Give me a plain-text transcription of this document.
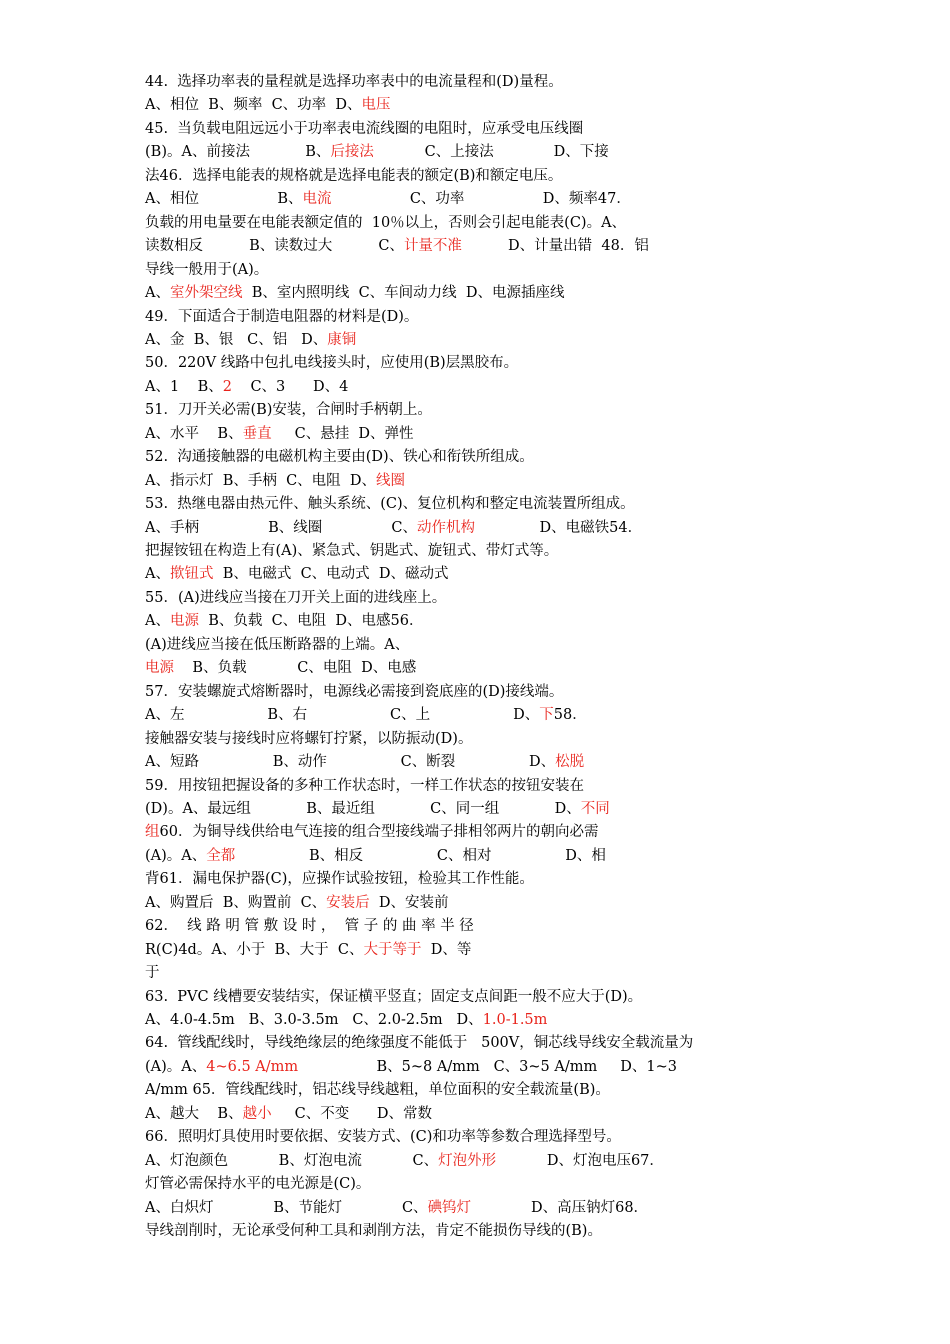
44.  选择功率表的量程就是选择功率表中的电流量程和(D)量程。
A、相位  B、频率  C、功率  D、电压
45.  当负载电阻远远小于功率表电流线圈的电阻时，应承受电压线圈
(B)。A、前接法            B、后接法           C、上接法             D、下接
法46．选择电能表的规格就是选择电能表的额定(B)和额定电压。
A、相位                 B、电流                 C、功率                 D、频率47．
负载的用电量要在电能表额定值的  10％以上，否则会引起电能表(C)。A、
读数相反          B、读数过大          C、计量不准          D、计量出错  48．铝
导线一般用于(A)。
A、室外架空线  B、室内照明线  C、车间动力线  D、电源插座线
49．下面适合于制造电阻器的材料是(D)。
A、金  B、银   C、铝   D、康铜
50．220V 线路中包扎电线接头时，应使用(B)层黑胶布。
A、1    B、2    C、3      D、4
51．刀开关必需(B)安装，合闸时手柄朝上。
A、水平    B、垂直     C、悬挂  D、弹性
52.  沟通接触器的电磁机构主要由(D)、铁心和衔铁所组成。
A、指示灯  B、手柄  C、电阻  D、线圈
53.  热继电器由热元件、触头系统、(C)、复位机构和整定电流装置所组成。
A、手柄               B、线圈               C、动作机构              D、电磁铁54．
把握铵钮在构造上有(A)、紧急式、钥匙式、旋钮式、带灯式等。
A、揿钮式  B、电磁式  C、电动式  D、磁动式
55．(A)进线应当接在刀开关上面的进线座上。
A、电源  B、负载  C、电阻  D、电感56．
(A)进线应当接在低压断路器的上端。A、
电源    B、负载           C、电阻  D、电感
57．安装螺旋式熔断器时，电源线必需接到瓷底座的(D)接线端。
A、左                  B、右                  C、上                  D、下58．
接触器安装与接线时应将螺钉拧紧，以防振动(D)。
A、短路                B、动作                C、断裂                D、松脱
59．用按钮把握设备的多种工作状态时，一样工作状态的按钮安装在
(D)。A、最远组            B、最近组            C、同一组            D、不同
组60．为铜导线供给电气连接的组合型接线端子排相邻两片的朝向必需
(A)。A、全都                B、相反                C、相对                D、相
背61．漏电保护器(C)，应操作试验按钮，检验其工作性能。
A、购置后  B、购置前  C、安装后  D、安装前
62．  线 路 明 管 敷 设 时 ，  管 子 的 曲 率 半 径
R(C)4d。A、小于  B、大于  C、大于等于  D、等
于
63.  PVC 线槽要安装结实，保证横平竖直；固定支点间距一般不应大于(D)。
A、4.0-4.5m   B、3.0-3.5m   C、2.0-2.5m   D、1.0-1.5m
64.  管线配线时，导线绝缘层的绝缘强度不能低于   500V，铜芯线导线安全载流量为
(A)。A、4~6.5 A/mm                 B、5~8 A/mm   C、3~5 A/mm     D、1~3
A/mm 65．管线配线时，铝芯线导线越粗，单位面积的安全载流量(B)。
A、越大    B、越小     C、不变      D、常数
66．照明灯具使用时要依据、安装方式、(C)和功率等参数合理选择型号。
A、灯泡颜色           B、灯泡电流           C、灯泡外形           D、灯泡电压67．
灯管必需保持水平的电光源是(C)。
A、白炽灯             B、节能灯             C、碘钨灯             D、高压钠灯68．
导线剖削时，无论承受何种工具和剥削方法，肯定不能损伤导线的(B)。
